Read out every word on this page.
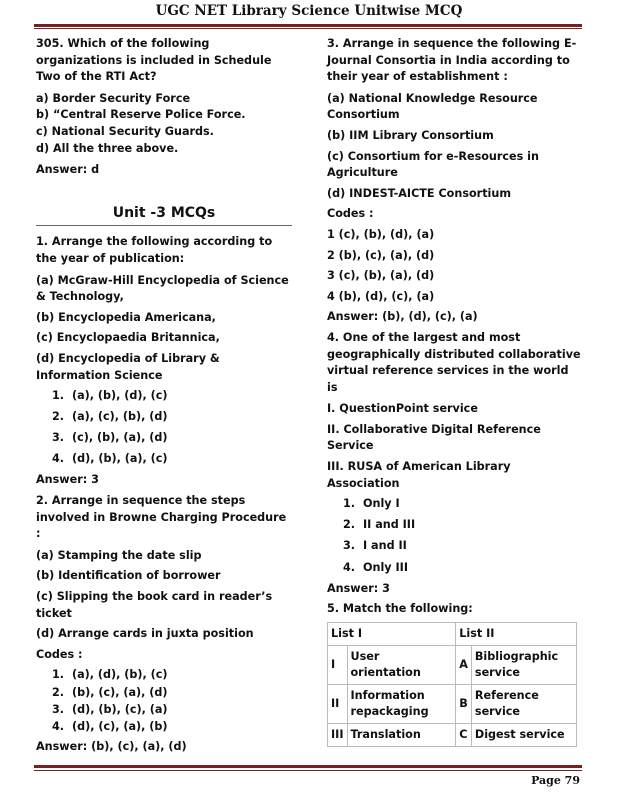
UGC NET Library Science Unitwise MCQ
305. Which of the following organizations is included in Schedule Two of the RTI Act?
a) Border Security Force
b) “Central Reserve Police Force.
c) National Security Guards.
d) All the three above.
Answer: d
Unit -3 MCQs
1. Arrange the following according to the year of publication:
(a) McGraw-Hill Encyclopedia of Science & Technology,
(b) Encyclopedia Americana,
(c) Encyclopaedia Britannica,
(d) Encyclopedia of Library & Information Science
1. (a), (b), (d), (c)
2. (a), (c), (b), (d)
3. (c), (b), (a), (d)
4. (d), (b), (a), (c)
Answer: 3
2. Arrange in sequence the steps involved in Browne Charging Procedure :
(a) Stamping the date slip
(b) Identification of borrower
(c) Slipping the book card in reader’s ticket
(d) Arrange cards in juxta position
Codes :
1. (a), (d), (b), (c)
2. (b), (c), (a), (d)
3. (d), (b), (c), (a)
4. (d), (c), (a), (b)
Answer: (b), (c), (a), (d)
3. Arrange in sequence the following E-Journal Consortia in India according to their year of establishment :
(a) National Knowledge Resource Consortium
(b) IIM Library Consortium
(c) Consortium for e-Resources in Agriculture
(d) INDEST-AICTE Consortium
Codes :
1 (c), (b), (d), (a)
2 (b), (c), (a), (d)
3 (c), (b), (a), (d)
4 (b), (d), (c), (a)
Answer: (b), (d), (c), (a)
4. One of the largest and most geographically distributed collaborative virtual reference services in the world is
I. QuestionPoint service
II. Collaborative Digital Reference Service
III. RUSA of American Library Association
1. Only I
2. II and III
3. I and II
4. Only III
Answer: 3
5. Match the following:
List I		List II	
I	User orientation	A	Bibliographic service
II	Information repackaging	B	Reference service
III	Translation	C	Digest service
Page 79
